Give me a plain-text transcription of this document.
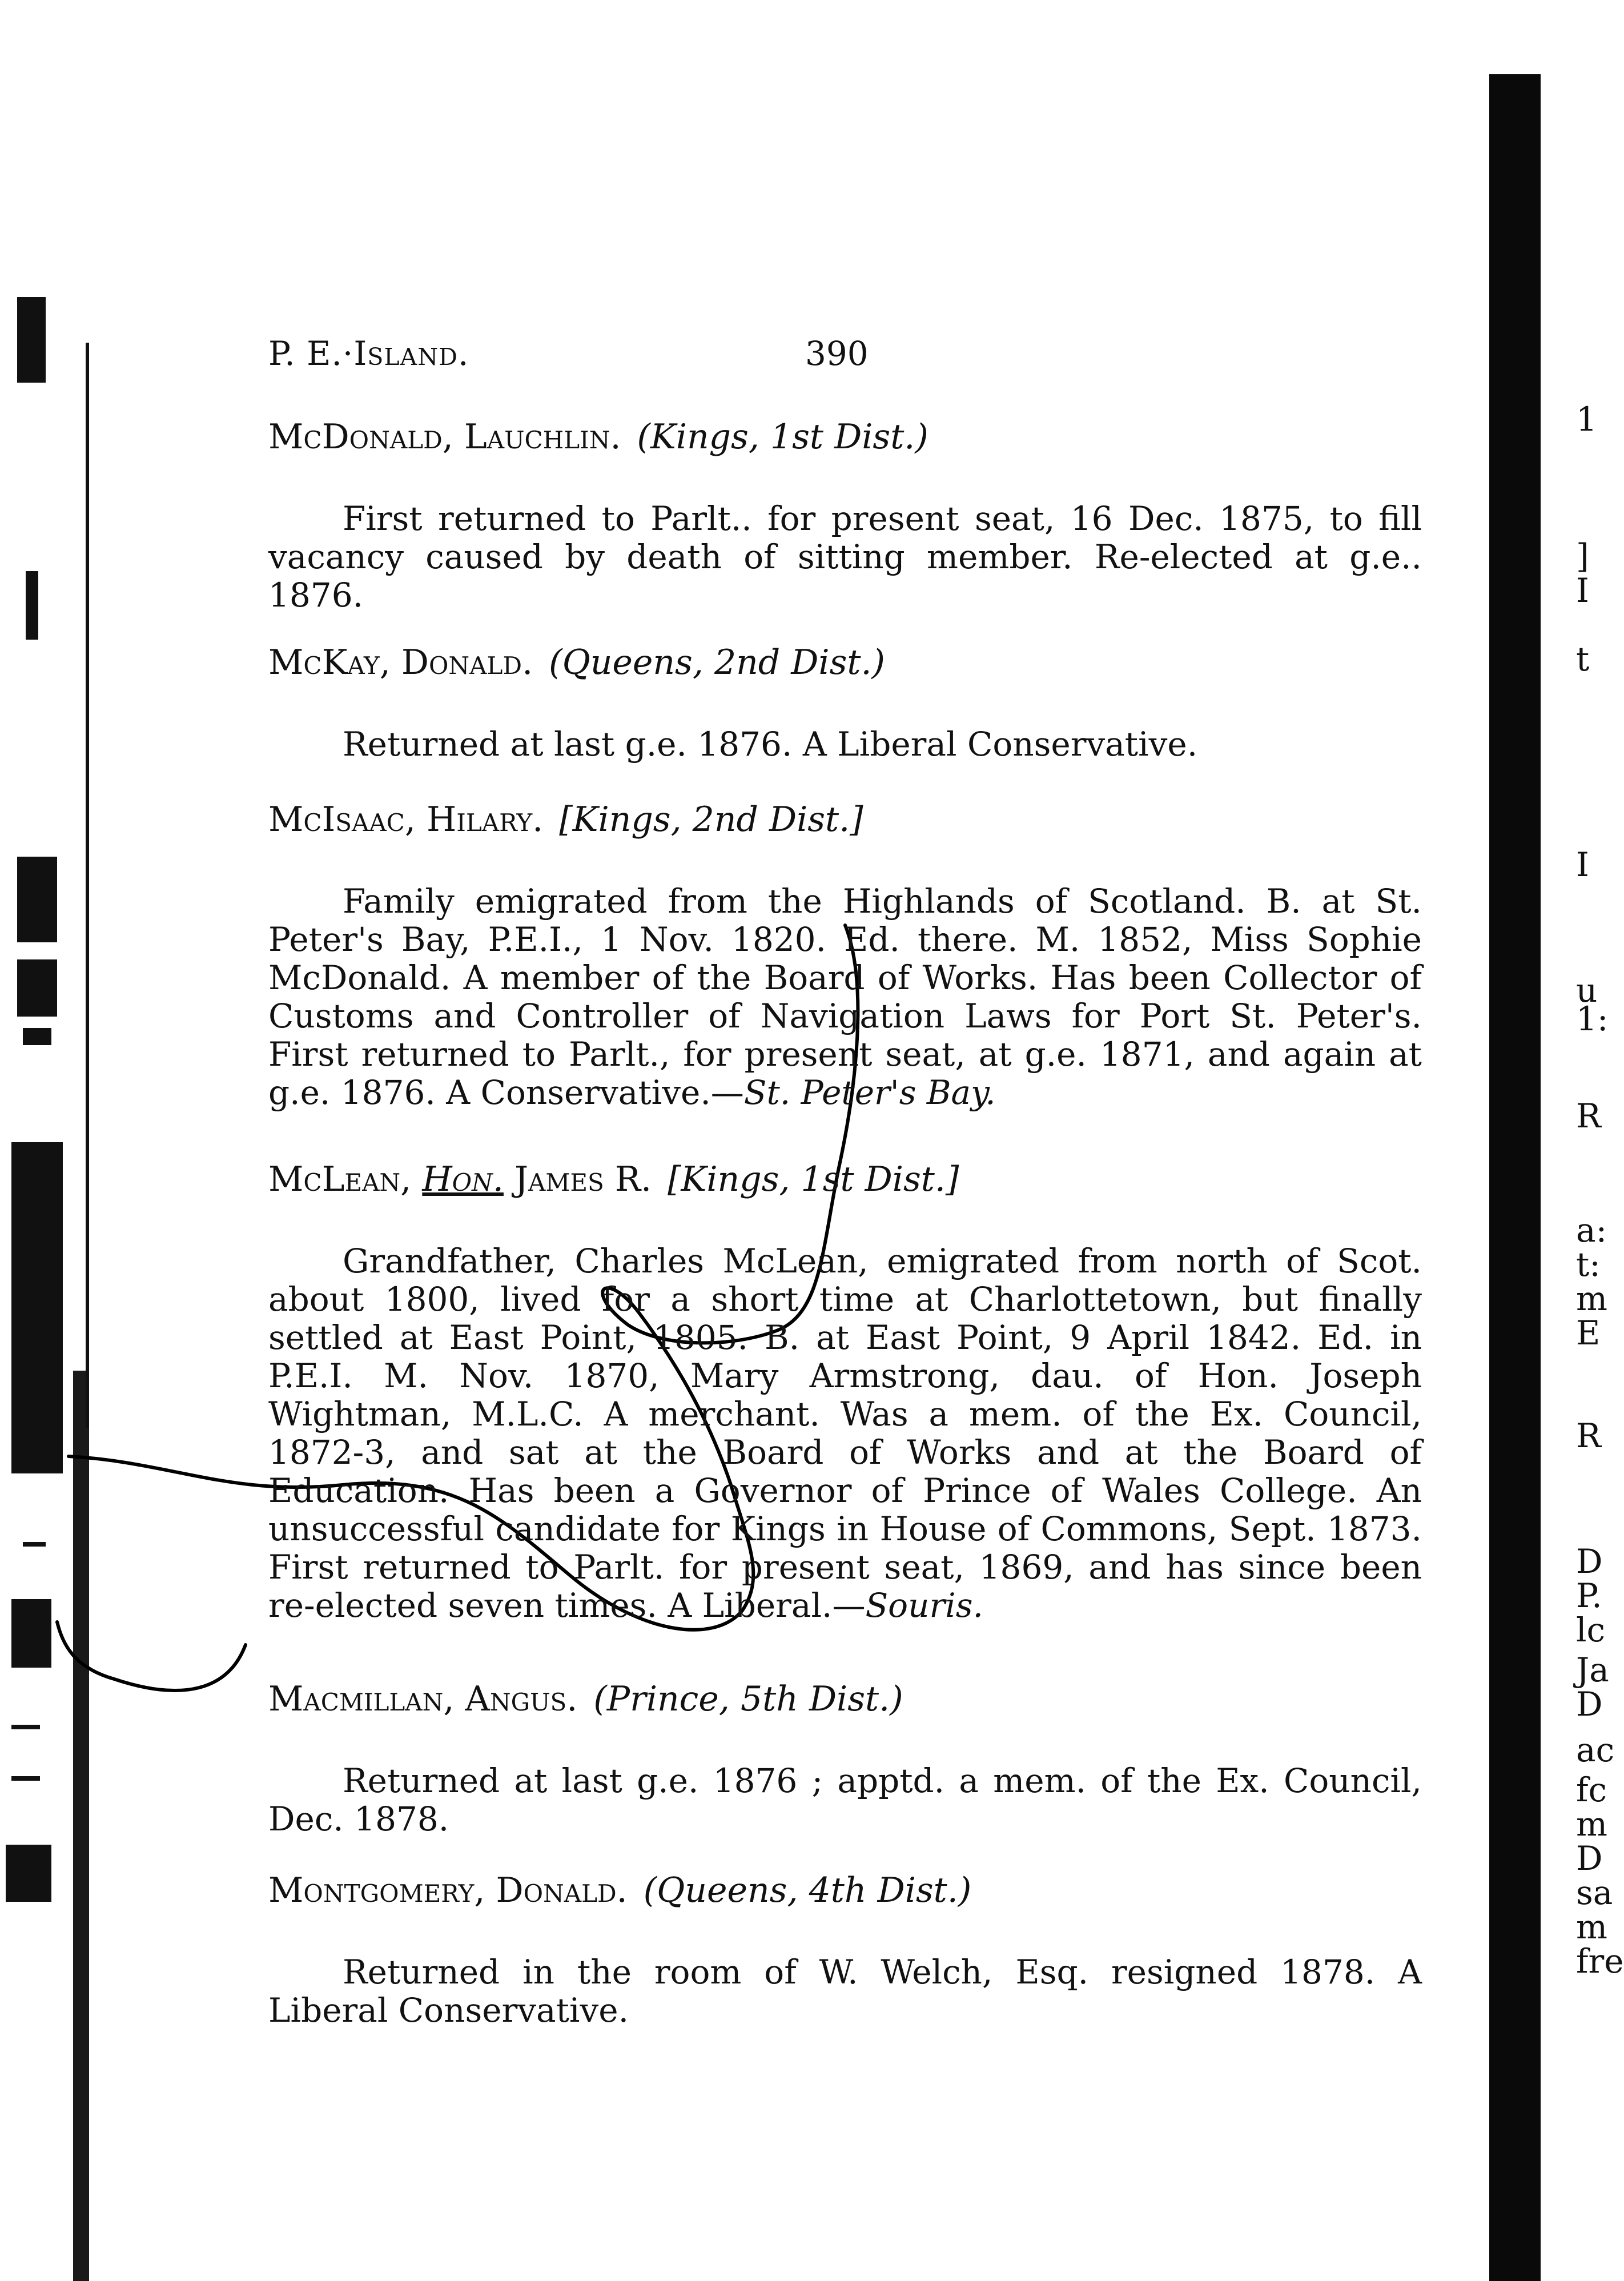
P. E.·Island.	390
McDonald, Lauchlin. (Kings, 1st Dist.)

First returned to Parlt.. for present seat, 16 Dec. 1875, to fill vacancy caused by death of sitting member. Re-elected at g.e.. 1876.

McKay, Donald. (Queens, 2nd Dist.)

Returned at last g.e. 1876. A Liberal Conservative.

McIsaac, Hilary. [Kings, 2nd Dist.]

Family emigrated from the Highlands of Scotland. B. at St. Peter's Bay, P.E.I., 1 Nov. 1820. Ed. there. M. 1852, Miss Sophie McDonald. A member of the Board of Works. Has been Collector of Customs and Controller of Navigation Laws for Port St. Peter's. First returned to Parlt., for present seat, at g.e. 1871, and again at g.e. 1876. A Conservative.—St. Peter's Bay.

McLean, Hon. James R. [Kings, 1st Dist.]

Grandfather, Charles McLean, emigrated from north of Scot. about 1800, lived for a short time at Charlottetown, but finally settled at East Point, 1805. B. at East Point, 9 April 1842. Ed. in P.E.I. M. Nov. 1870, Mary Armstrong, dau. of Hon. Joseph Wightman, M.L.C. A merchant. Was a mem. of the Ex. Council, 1872-3, and sat at the Board of Works and at the Board of Education. Has been a Governor of Prince of Wales College. An unsuccessful candidate for Kings in House of Commons, Sept. 1873. First returned to Parlt. for present seat, 1869, and has since been re-elected seven times. A Liberal.—Souris.

Macmillan, Angus. (Prince, 5th Dist.)

Returned at last g.e. 1876 ; apptd. a mem. of the Ex. Council, Dec. 1878.

Montgomery, Donald. (Queens, 4th Dist.)

Returned in the room of W. Welch, Esq. resigned 1878. A Liberal Conservative.

1
]
I
t
I
u
1:
R
a:
t:
m
E
R
D
P.
lc
Ja
D
ac
fc
m
D
sa
m
fre
